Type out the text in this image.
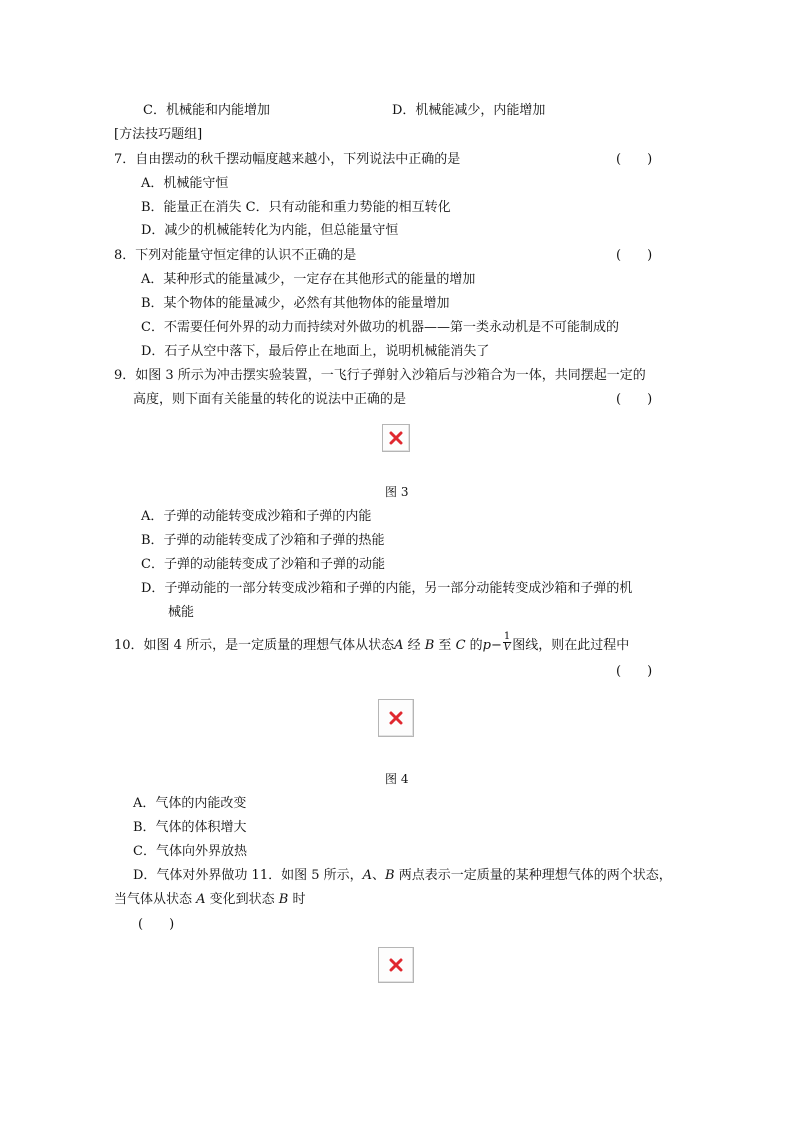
C．机械能和内能增加	D．机械能减少，内能增加
[方法技巧题组]
7．自由摆动的秋千摆动幅度越来越小，下列说法中正确的是	(　　)
A．机械能守恒
B．能量正在消失 C．只有动能和重力势能的相互转化
D．减少的机械能转化为内能，但总能量守恒
8．下列对能量守恒定律的认识不正确的是	(　　)
A．某种形式的能量减少，一定存在其他形式的能量的增加
B．某个物体的能量减少，必然有其他物体的能量增加
C．不需要任何外界的动力而持续对外做功的机器——第一类永动机是不可能制成的
D．石子从空中落下，最后停止在地面上，说明机械能消失了
9．如图 3 所示为冲击摆实验装置，一飞行子弹射入沙箱后与沙箱合为一体，共同摆起一定的
高度，则下面有关能量的转化的说法中正确的是	(　　)
图 3
A．子弹的动能转变成沙箱和子弹的内能
B．子弹的动能转变成了沙箱和子弹的热能
C．子弹的动能转变成了沙箱和子弹的动能
D．子弹动能的一部分转变成沙箱和子弹的内能，另一部分动能转变成沙箱和子弹的机
械能
10．如图 4 所示，是一定质量的理想气体从状态A 经 B 至 C 的$p- \frac{1}{V}$ 图线，则在此过程中
(　　)
图 4
A．气体的内能改变
B．气体的体积增大
C．气体向外界放热
D．气体对外界做功 11．如图 5 所示，A、B 两点表示一定质量的某种理想气体的两个状态，
当气体从状态 A 变化到状态 B 时
(　　)
